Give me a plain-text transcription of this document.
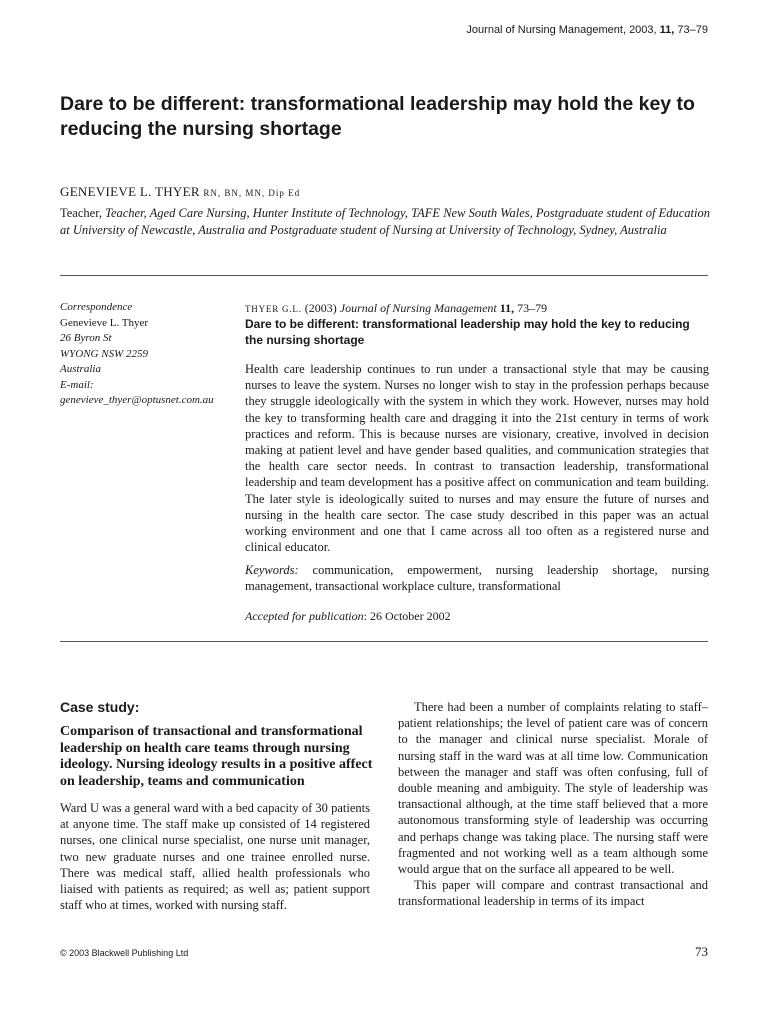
Journal of Nursing Management, 2003, 11, 73–79
Dare to be different: transformational leadership may hold the key to reducing the nursing shortage
GENEVIEVE L. THYER RN, BN, MN, Dip Ed
Teacher, Teacher, Aged Care Nursing, Hunter Institute of Technology, TAFE New South Wales, Postgraduate student of Education at University of Newcastle, Australia and Postgraduate student of Nursing at University of Technology, Sydney, Australia
Correspondence
Genevieve L. Thyer
26 Byron St
WYONG NSW 2259
Australia
E-mail:
genevieve_thyer@optusnet.com.au
THYER G.L. (2003) Journal of Nursing Management 11, 73–79
Dare to be different: transformational leadership may hold the key to reducing the nursing shortage
Health care leadership continues to run under a transactional style that may be causing nurses to leave the system. Nurses no longer wish to stay in the profession perhaps because they struggle ideologically with the system in which they work. However, nurses may hold the key to transforming health care and dragging it into the 21st century in terms of work practices and reform. This is because nurses are visionary, creative, involved in decision making at patient level and have gender based qualities, and communication strategies that the health care sector needs. In contrast to transaction leadership, transformational leadership and team development has a positive affect on communication and team building. The later style is ideologically suited to nurses and may ensure the future of nurses and nursing in the health care sector. The case study described in this paper was an actual working environment and one that I came across all too often as a registered nurse and clinical educator.
Keywords: communication, empowerment, nursing leadership shortage, nursing management, transactional workplace culture, transformational
Accepted for publication: 26 October 2002
Case study:
Comparison of transactional and transformational leadership on health care teams through nursing ideology. Nursing ideology results in a positive affect on leadership, teams and communication
Ward U was a general ward with a bed capacity of 30 patients at anyone time. The staff make up consisted of 14 registered nurses, one clinical nurse specialist, one nurse unit manager, two new graduate nurses and one trainee enrolled nurse. There was medical staff, allied health professionals who liaised with patients as required; as well as; patient support staff who at times, worked with nursing staff.

There had been a number of complaints relating to staff–patient relationships; the level of patient care was of concern to the manager and clinical nurse specialist. Morale of nursing staff in the ward was at all time low. Communication between the manager and staff was often confusing, full of double meaning and ambiguity. The style of leadership was transactional although, at the time staff believed that a more autonomous transforming style of leadership was occurring and perhaps change was taking place. The nursing staff were fragmented and not working well as a team although some would argue that on the surface all appeared to be well.

This paper will compare and contrast transactional and transformational leadership in terms of its impact

© 2003 Blackwell Publishing Ltd	73
